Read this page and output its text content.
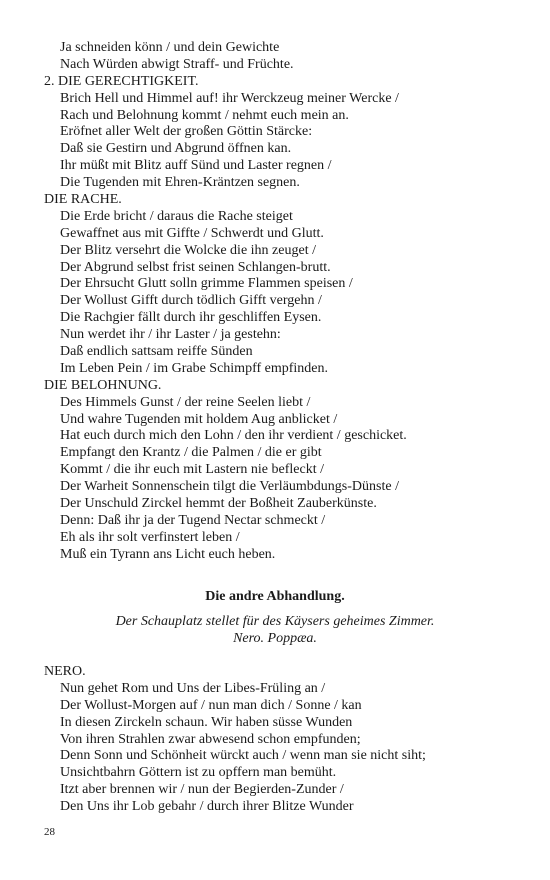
Ja schneiden könn / und dein Gewichte
Nach Würden abwigt Straff- und Früchte.
2. DIE GERECHTIGKEIT.
Brich Hell und Himmel auf! ihr Werckzeug meiner Wercke /
Rach und Belohnung kommt / nehmt euch mein an.
Eröfnet aller Welt der großen Göttin Stärcke:
Daß sie Gestirn und Abgrund öffnen kan.
Ihr müßt mit Blitz auff Sünd und Laster regnen /
Die Tugenden mit Ehren-Kräntzen segnen.
DIE RACHE.
Die Erde bricht / daraus die Rache steiget
Gewaffnet aus mit Giffte / Schwerdt und Glutt.
Der Blitz versehrt die Wolcke die ihn zeuget /
Der Abgrund selbst frist seinen Schlangen-brutt.
Der Ehrsucht Glutt solln grimme Flammen speisen /
Der Wollust Gifft durch tödlich Gifft vergehn /
Die Rachgier fällt durch ihr geschliffen Eysen.
Nun werdet ihr / ihr Laster / ja gestehn:
Daß endlich sattsam reiffe Sünden
Im Leben Pein / im Grabe Schimpff empfinden.
DIE BELOHNUNG.
Des Himmels Gunst / der reine Seelen liebt /
Und wahre Tugenden mit holdem Aug anblicket /
Hat euch durch mich den Lohn / den ihr verdient / geschicket.
Empfangt den Krantz / die Palmen / die er gibt
Kommt / die ihr euch mit Lastern nie befleckt /
Der Warheit Sonnenschein tilgt die Verläumbdungs-Dünste /
Der Unschuld Zirckel hemmt der Boßheit Zauberkünste.
Denn: Daß ihr ja der Tugend Nectar schmeckt /
Eh als ihr solt verfinstert leben /
Muß ein Tyrann ans Licht euch heben.
Die andre Abhandlung.
Der Schauplatz stellet für des Käysers geheimes Zimmer.
Nero. Poppæa.
NERO.
Nun gehet Rom und Uns der Libes-Früling an /
Der Wollust-Morgen auf / nun man dich / Sonne / kan
In diesen Zirckeln schaun. Wir haben süsse Wunden
Von ihren Strahlen zwar abwesend schon empfunden;
Denn Sonn und Schönheit würckt auch / wenn man sie nicht siht;
Unsichtbahrn Göttern ist zu opffern man bemüht.
Itzt aber brennen wir / nun der Begierden-Zunder /
Den Uns ihr Lob gebahr / durch ihrer Blitze Wunder
28
